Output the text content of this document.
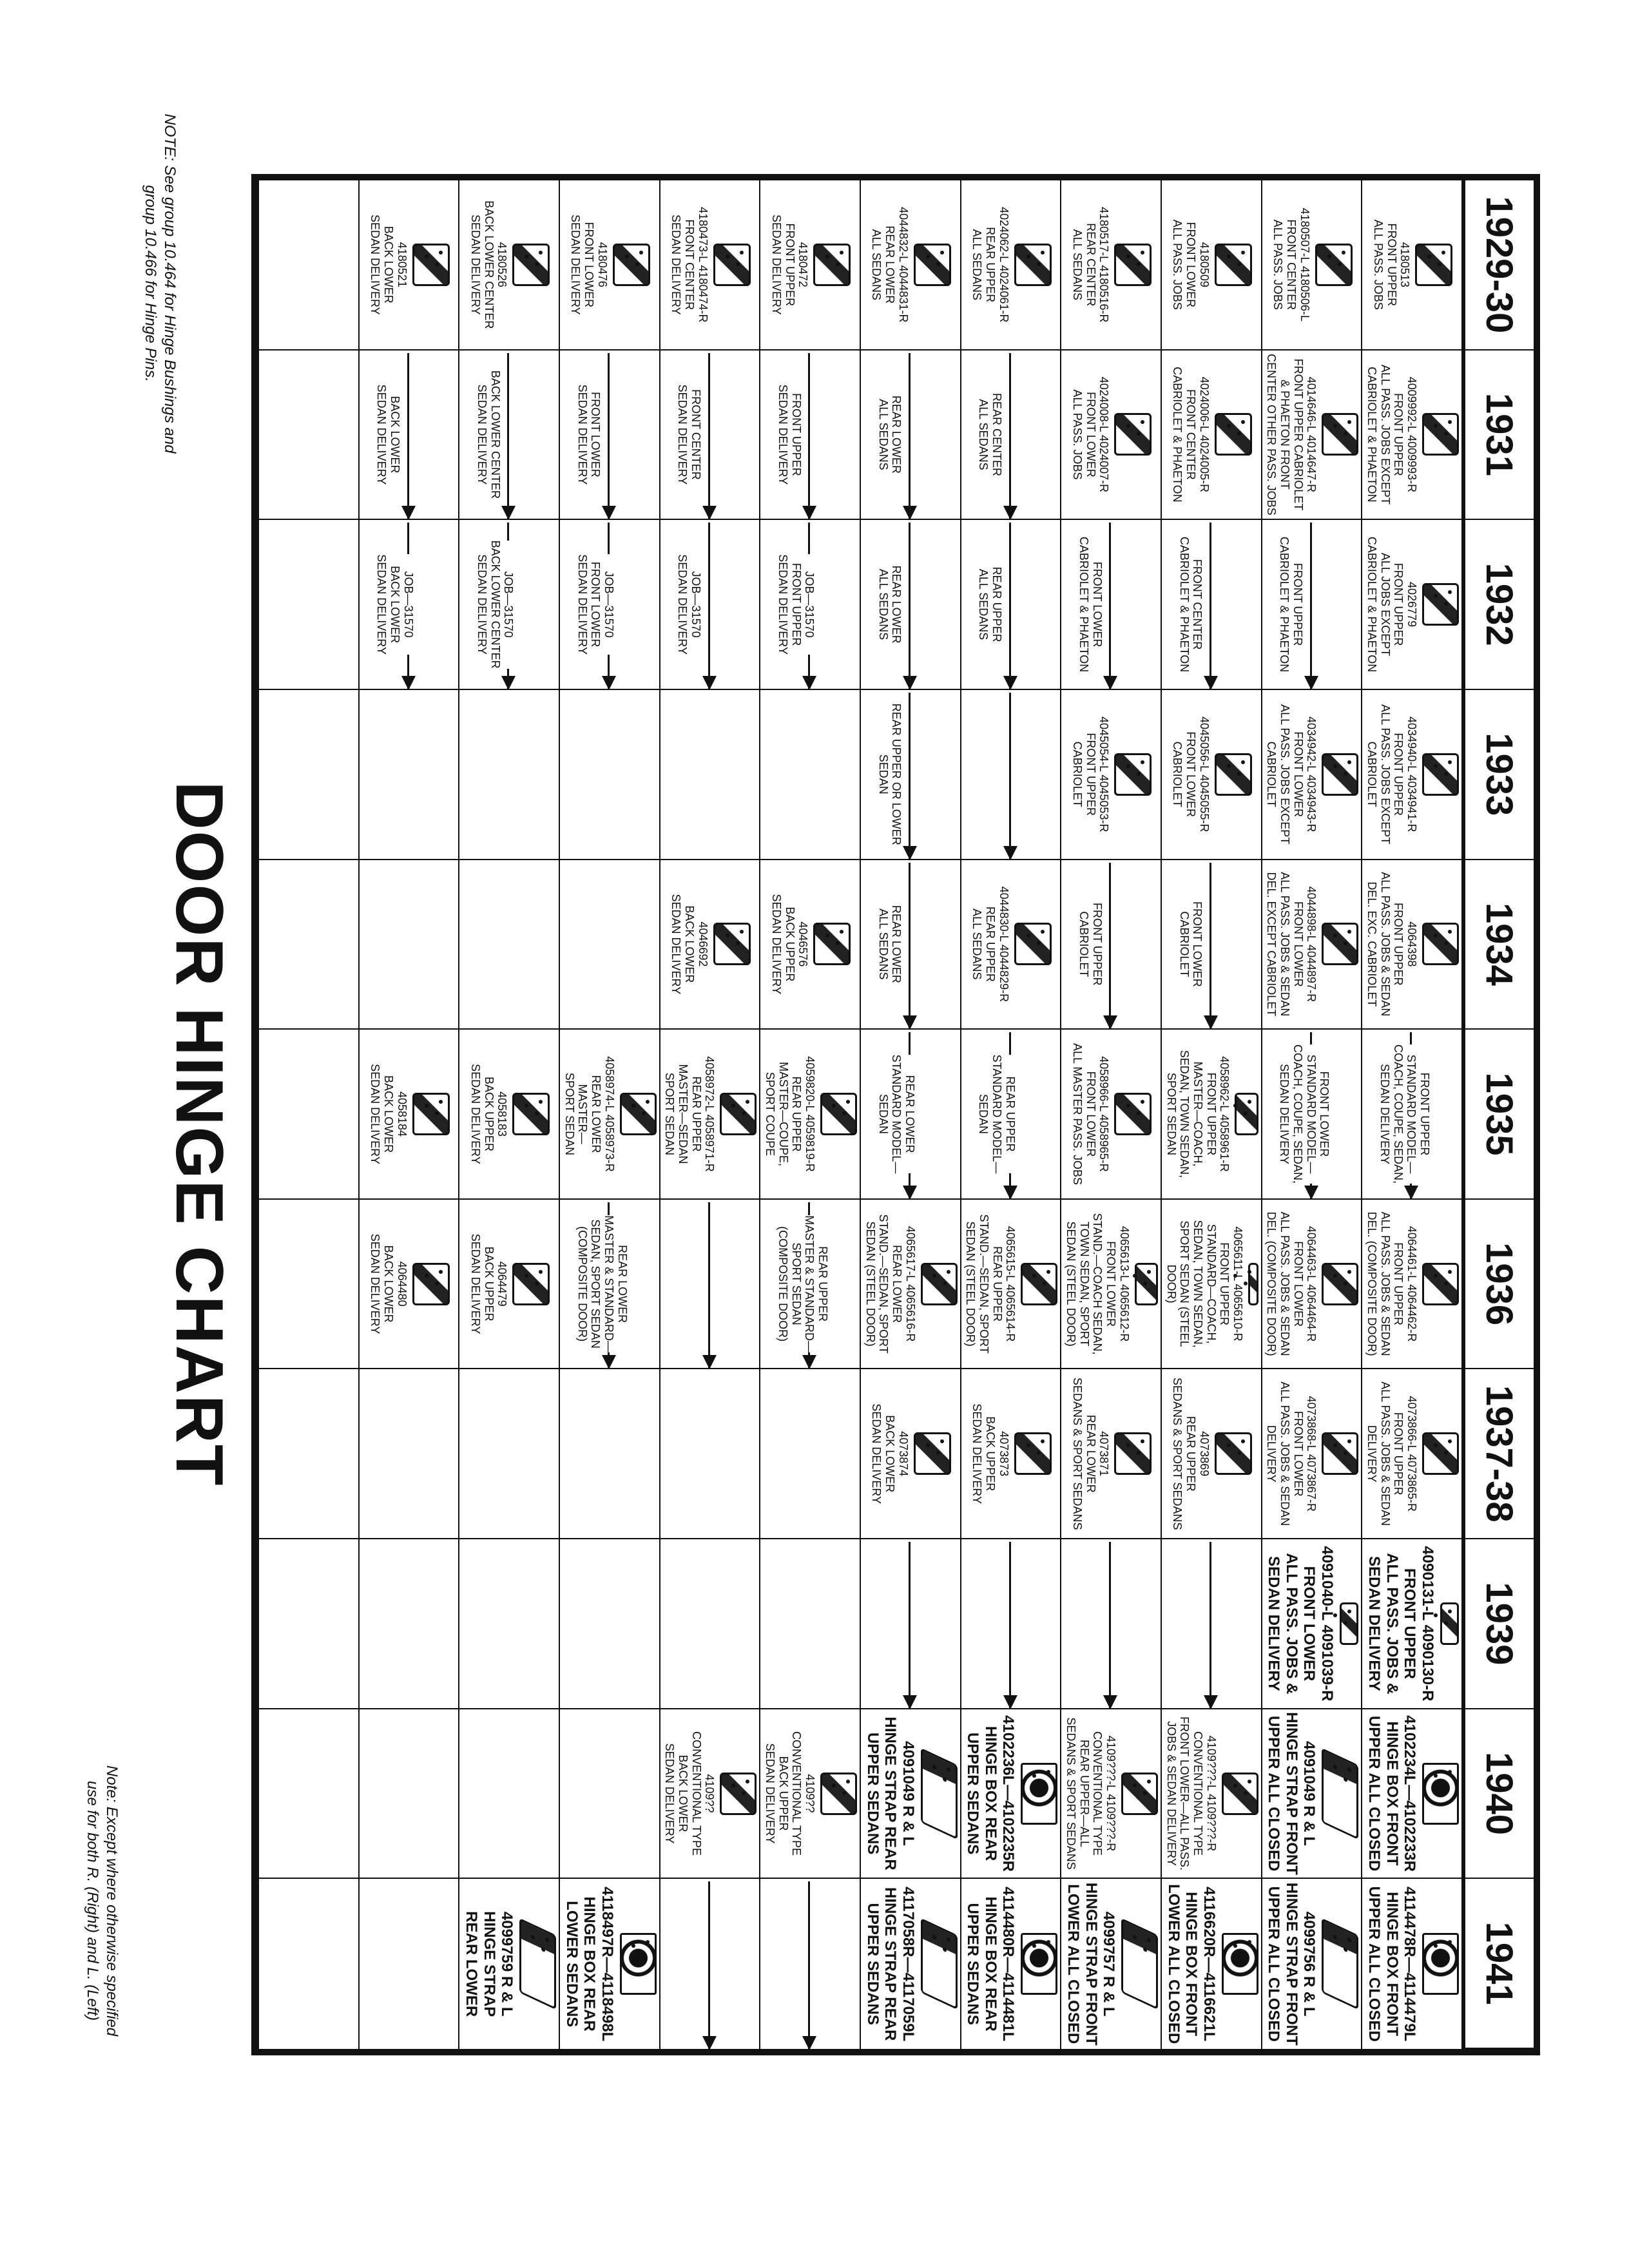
NOTE: See group 10.464 for Hinge Bushings and group 10.466 for Hinge Pins.
Note: Except where otherwise specified use for both R. (Right) and L. (Left)
DOOR HINGE CHART
1929-30
1931
1932
1933
1934
1935
1936
1937-38
1939
1940
1941
4180513
FRONT UPPER
ALL PASS. JOBS
4009992-L 4009993-R
FRONT UPPER
ALL PASS. JOBS EXCEPT
CABRIOLET & PHAETON
4026779
FRONT UPPER
ALL JOBS EXCEPT
CABRIOLET & PHAETON
4034940-L 4034941-R
FRONT UPPER
ALL PASS. JOBS EXCEPT
CABRIOLET
4064398
FRONT UPPER
ALL PASS. JOBS & SEDAN
DEL. EXC. CABRIOLET
FRONT UPPER
STANDARD MODEL—
COACH, COUPE, SEDAN,
SEDAN DELIVERY
4064461-L 4064462-R
FRONT UPPER
ALL PASS. JOBS & SEDAN
DEL. (COMPOSITE DOOR)
4073866-L 4073865-R
FRONT UPPER
ALL PASS. JOBS & SEDAN
DELIVERY
4090131-L 4090130-R
FRONT UPPER
ALL PASS. JOBS &
SEDAN DELIVERY
4102234L—4102233R
HINGE BOX FRONT
UPPER ALL CLOSED
4114478R—4114479L
HINGE BOX FRONT
UPPER ALL CLOSED
4180507-L 4180506-L
FRONT CENTER
ALL PASS. JOBS
4014646-L 4014647-R
FRONT UPPER CABRIOLET
& PHAETON FRONT
CENTER OTHER PASS. JOBS
FRONT UPPER
CABRIOLET & PHAETON
4034942-L 4034943-R
FRONT LOWER
ALL PASS. JOBS EXCEPT
CABRIOLET
4044898-L 4044897-R
FRONT LOWER
ALL PASS. JOBS & SEDAN
DEL. EXCEPT CABRIOLET
FRONT LOWER
STANDARD MODEL—
COACH, COUPE, SEDAN,
SEDAN DELIVERY
4064463-L 4064464-R
FRONT LOWER
ALL PASS. JOBS & SEDAN
DEL. (COMPOSITE DOOR)
4073868-L 4073867-R
FRONT LOWER
ALL PASS. JOBS & SEDAN
DELIVERY
4091040-L 4091039-R
FRONT LOWER
ALL PASS. JOBS &
SEDAN DELIVERY
4091049 R & L
HINGE STRAP FRONT
UPPER ALL CLOSED
4099756 R & L
HINGE STRAP FRONT
UPPER ALL CLOSED
4180509
FRONT LOWER
ALL PASS. JOBS
4024006-L 4024005-R
FRONT CENTER
CABRIOLET & PHAETON
FRONT CENTER
CABRIOLET & PHAETON
4045056-L 4045055-R
FRONT LOWER
CABRIOLET
FRONT LOWER
CABRIOLET
4058962-L 4058961-R
FRONT UPPER
MASTER—COACH,
SEDAN, TOWN SEDAN,
SPORT SEDAN
4065611-L 4065610-R
FRONT UPPER
STANDARD—COACH,
SEDAN, TOWN SEDAN,
SPORT SEDAN (STEEL DOOR)
4073869
REAR UPPER
SEDANS & SPORT SEDANS
4109???-L 4109???-R
CONVENTIONAL TYPE
FRONT LOWER—ALL PASS.
JOBS & SEDAN DELIVERY
4116620R—4116621L
HINGE BOX FRONT
LOWER ALL CLOSED
4180517-L 4180516-R
REAR CENTER
ALL SEDANS
4024008-L 4024007-R
FRONT LOWER
ALL PASS. JOBS
FRONT LOWER
CABRIOLET & PHAETON
4045054-L 4045053-R
FRONT UPPER
CABRIOLET
FRONT UPPER
CABRIOLET
4058966-L 4058965-R
FRONT LOWER
ALL MASTER PASS. JOBS
4065613-L 4065612-R
FRONT LOWER
STAND.—COACH SEDAN,
TOWN SEDAN, SPORT
SEDAN (STEEL DOOR)
4073871
REAR LOWER
SEDANS & SPORT SEDANS
4109???-L 4109???-R
CONVENTIONAL TYPE
REAR UPPER—ALL
SEDANS & SPORT SEDANS
4099757 R & L
HINGE STRAP FRONT
LOWER ALL CLOSED
4024062-L 4024061-R
REAR UPPER
ALL SEDANS
REAR CENTER
ALL SEDANS
REAR UPPER
ALL SEDANS
4044830-L 4044829-R
REAR UPPER
ALL SEDANS
REAR UPPER
STANDARD MODEL—
SEDAN
4065615-L 4065614-R
REAR UPPER
STAND.—SEDAN, SPORT
SEDAN (STEEL DOOR)
4073873
BACK UPPER
SEDAN DELIVERY
4102236L—4102235R
HINGE BOX REAR
UPPER SEDANS
4114480R—4114481L
HINGE BOX REAR
UPPER SEDANS
4044832-L 4044831-R
REAR LOWER
ALL SEDANS
REAR LOWER
ALL SEDANS
REAR LOWER
ALL SEDANS
REAR UPPER OR LOWER
SEDAN
REAR LOWER
ALL SEDANS
REAR LOWER
STANDARD MODEL—
SEDAN
4065617-L 4065616-R
REAR LOWER
STAND.—SEDAN, SPORT
SEDAN (STEEL DOOR)
4073874
BACK LOWER
SEDAN DELIVERY
4091049 R & L
HINGE STRAP REAR
UPPER SEDANS
4117058R—4117059L
HINGE STRAP REAR
UPPER SEDANS
4180472
FRONT UPPER
SEDAN DELIVERY
FRONT UPPER
SEDAN DELIVERY
JOB—31570
FRONT UPPER
SEDAN DELIVERY
4046576
BACK UPPER
SEDAN DELIVERY
4059820-L 4059819-R
REAR UPPER
MASTER—COUPE,
SPORT COUPE
REAR UPPER
MASTER & STANDARD—
SPORT SEDAN
(COMPOSITE DOOR)
4109??
CONVENTIONAL TYPE
BACK UPPER
SEDAN DELIVERY
4180473-L 4180474-R
FRONT CENTER
SEDAN DELIVERY
FRONT CENTER
SEDAN DELIVERY
JOB—31570
SEDAN DELIVERY
4046692
BACK LOWER
SEDAN DELIVERY
4058972-L 4058971-R
REAR UPPER
MASTER—SEDAN
SPORT SEDAN
4109??
CONVENTIONAL TYPE
BACK LOWER
SEDAN DELIVERY
4180476
FRONT LOWER
SEDAN DELIVERY
FRONT LOWER
SEDAN DELIVERY
JOB—31570
FRONT LOWER
SEDAN DELIVERY
4058974-L 4058973-R
REAR LOWER
MASTER—
SPORT SEDAN
REAR LOWER
MASTER & STANDARD—
SEDAN, SPORT SEDAN
(COMPOSITE DOOR)
4118497R—4118498L
HINGE BOX REAR
LOWER SEDANS
4180526
BACK LOWER CENTER
SEDAN DELIVERY
BACK LOWER CENTER
SEDAN DELIVERY
JOB—31570
BACK LOWER CENTER
SEDAN DELIVERY
4058183
BACK UPPER
SEDAN DELIVERY
4064479
BACK UPPER
SEDAN DELIVERY
4099759 R & L
HINGE STRAP
REAR LOWER
4180521
BACK LOWER
SEDAN DELIVERY
BACK LOWER
SEDAN DELIVERY
JOB—31570
BACK LOWER
SEDAN DELIVERY
4058184
BACK LOWER
SEDAN DELIVERY
4064480
BACK LOWER
SEDAN DELIVERY
